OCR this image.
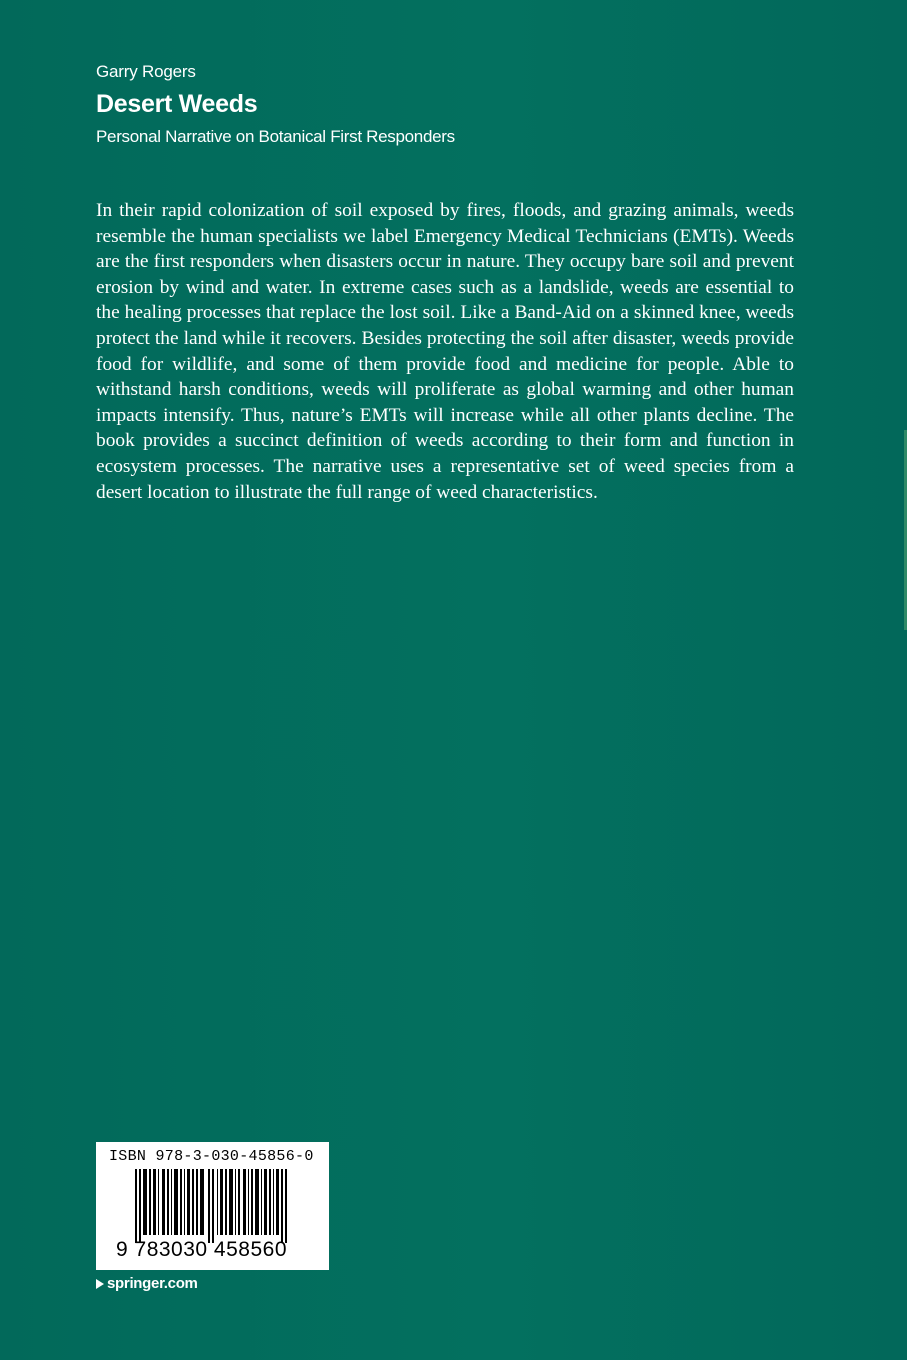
Garry Rogers
Desert Weeds
Personal Narrative on Botanical First Responders

In their rapid colonization of soil exposed by fires, floods, and grazing animals, weeds resemble the human specialists we label Emergency Medical Technicians (EMTs). Weeds are the first responders when disasters occur in nature. They occupy bare soil and prevent erosion by wind and water. In extreme cases such as a landslide, weeds are essential to the healing processes that replace the lost soil. Like a Band-Aid on a skinned knee, weeds protect the land while it recovers. Besides protecting the soil after disaster, weeds provide food for wildlife, and some of them provide food and medicine for people. Able to withstand harsh conditions, weeds will proliferate as global warming and other human impacts intensify. Thus, nature’s EMTs will increase while all other plants decline. The book provides a succinct definition of weeds according to their form and function in ecosystem processes. The narrative uses a representative set of weed species from a desert location to illustrate the full range of weed characteristics.

ISBN 978-3-030-45856-0
9 783030 458560
springer.com
